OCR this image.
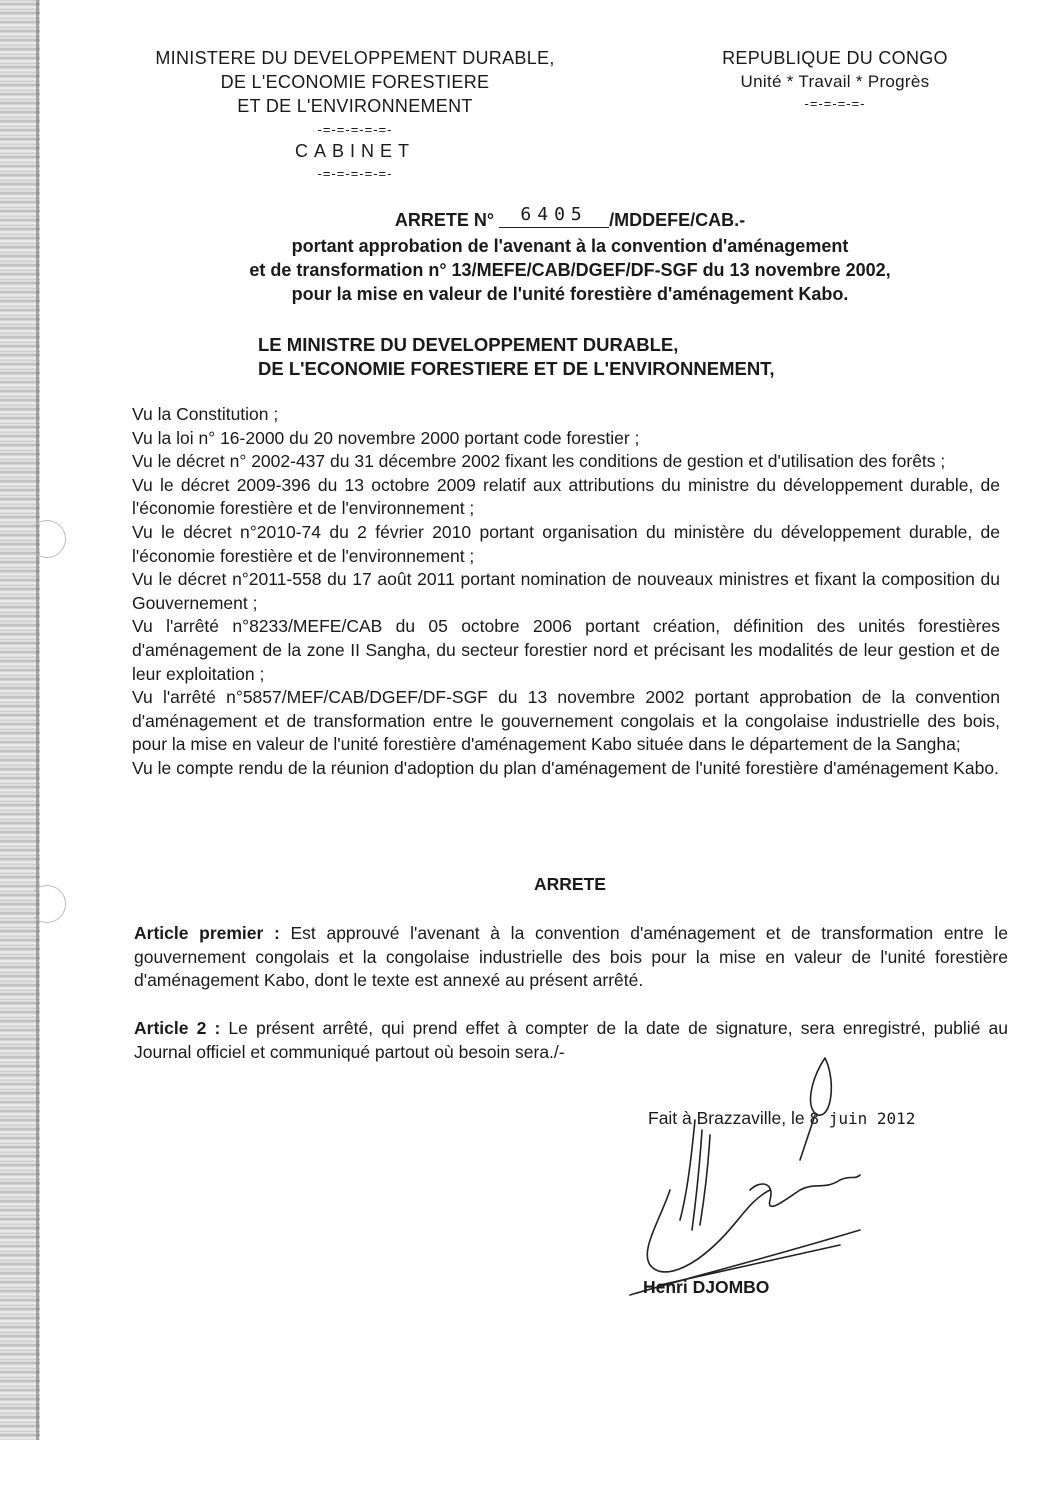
MINISTERE DU DEVELOPPEMENT DURABLE,
DE L'ECONOMIE FORESTIERE
ET DE L'ENVIRONNEMENT
-=-=-=-=-=-
CABINET
-=-=-=-=-=-
REPUBLIQUE DU CONGO
Unité * Travail * Progrès
-=-=-=-=-
ARRETE N° 6405 /MDDEFE/CAB.-
portant approbation de l'avenant à la convention d'aménagement
et de transformation n° 13/MEFE/CAB/DGEF/DF-SGF du 13 novembre 2002,
pour la mise en valeur de l'unité forestière d'aménagement Kabo.
LE MINISTRE DU DEVELOPPEMENT DURABLE,
DE L'ECONOMIE FORESTIERE ET DE L'ENVIRONNEMENT,

Vu la Constitution ;

Vu la loi n° 16-2000 du 20 novembre 2000 portant code forestier ;

Vu le décret n° 2002-437 du 31 décembre 2002 fixant les conditions de gestion et d'utilisation des forêts ;

Vu le décret 2009-396 du 13 octobre 2009 relatif aux attributions du ministre du développement durable, de l'économie forestière et de l'environnement ;

Vu le décret n°2010-74 du 2 février 2010 portant organisation du ministère du développement durable, de l'économie forestière et de l'environnement ;

Vu le décret n°2011-558 du 17 août 2011 portant nomination de nouveaux ministres et fixant la composition du Gouvernement ;

Vu l'arrêté n°8233/MEFE/CAB du 05 octobre 2006 portant création, définition des unités forestières d'aménagement de la zone II Sangha, du secteur forestier nord et précisant les modalités de leur gestion et de leur exploitation ;

Vu l'arrêté n°5857/MEF/CAB/DGEF/DF-SGF du 13 novembre 2002 portant approbation de la convention d'aménagement et de transformation entre le gouvernement congolais et la congolaise industrielle des bois, pour la mise en valeur de l'unité forestière d'aménagement Kabo située dans le département de la Sangha;

Vu le compte rendu de la réunion d'adoption du plan d'aménagement de l'unité forestière d'aménagement Kabo.

ARRETE

Article premier : Est approuvé l'avenant à la convention d'aménagement et de transformation entre le gouvernement congolais et la congolaise industrielle des bois pour la mise en valeur de l'unité forestière d'aménagement Kabo, dont le texte est annexé au présent arrêté.

Article 2 : Le présent arrêté, qui prend effet à compter de la date de signature, sera enregistré, publié au Journal officiel et communiqué partout où besoin sera./-

Fait à Brazzaville, le 8 juin 2012
Henri DJOMBO
